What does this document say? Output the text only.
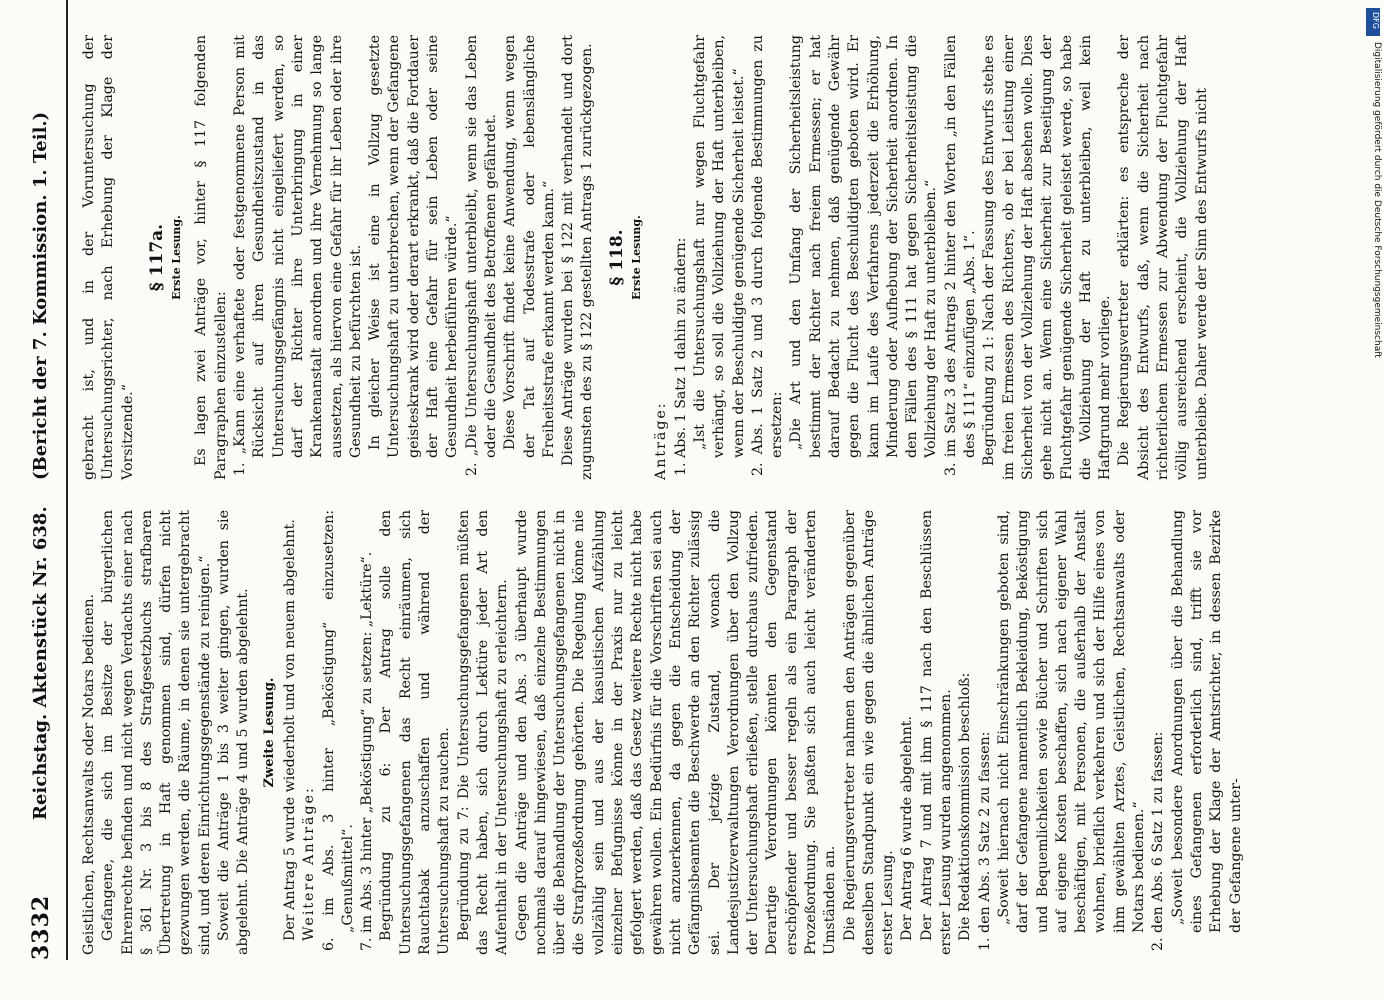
3332
Reichstag. Aktenstück Nr. 638.
(Bericht der 7. Kommission. 1. Teil.)

Geistlichen, Rechtsanwalts oder Notars bedienen. Gefangene, die sich im Besitze der bürgerlichen Ehrenrechte befinden und nicht wegen Verdachts einer nach § 361 Nr. 3 bis 8 des Strafgesetzbuchs strafbaren Übertretung in Haft genommen sind, dürfen nicht gezwungen werden, die Räume, in denen sie untergebracht sind, und deren Einrichtungsgegenstände zu reinigen.“ Soweit die Anträge 1 bis 3 weiter gingen, wurden sie abgelehnt. Die Anträge 4 und 5 wurden abgelehnt. Zweite Lesung. Der Antrag 5 wurde wiederholt und von neuem abgelehnt. Weitere Anträge: 6. im Abs. 3 hinter „Beköstigung“ einzusetzen: „Genußmittel“. 7. im Abs. 3 hinter „Beköstigung“ zu setzen: „Lektüre“. Begründung zu 6: Der Antrag solle den Untersuchungsgefangenen das Recht einräumen, sich Rauchtabak anzuschaffen und während der Untersuchungshaft zu rauchen. Begründung zu 7: Die Untersuchungsgefangenen müßten das Recht haben, sich durch Lektüre jeder Art den Aufenthalt in der Untersuchungshaft zu erleichtern. Gegen die Anträge und den Abs. 3 überhaupt wurde nochmals darauf hingewiesen, daß einzelne Bestimmungen über die Behandlung der Untersuchungsgefangenen nicht in die Strafprozeßordnung gehörten. Die Regelung könne nie vollzählig sein und aus der kasuistischen Aufzählung einzelner Befugnisse könne in der Praxis nur zu leicht gefolgert werden, daß das Gesetz weitere Rechte nicht habe gewähren wollen. Ein Bedürfnis für die Vorschriften sei auch nicht anzuerkennen, da gegen die Entscheidung der Gefängnisbeamten die Beschwerde an den Richter zulässig sei. Der jetzige Zustand, wonach die Landesjustizverwaltungen Verordnungen über den Vollzug der Untersuchungshaft erließen, stelle durchaus zufrieden. Derartige Verordnungen könnten den Gegenstand erschöpfender und besser regeln als ein Paragraph der Prozeßordnung. Sie paßten sich auch leicht veränderten Umständen an. Die Regierungsvertreter nahmen den Anträgen gegenüber denselben Standpunkt ein wie gegen die ähnlichen Anträge erster Lesung. Der Antrag 6 wurde abgelehnt. Der Antrag 7 und mit ihm § 117 nach den Beschlüssen erster Lesung wurden angenommen. Die Redaktionskommission beschloß: 1. den Abs. 3 Satz 2 zu fassen: „Soweit hiernach nicht Einschränkungen geboten sind, darf der Gefangene namentlich Bekleidung, Beköstigung und Bequemlichkeiten sowie Bücher und Schriften sich auf eigene Kosten beschaffen, sich nach eigener Wahl beschäftigen, mit Personen, die außerhalb der Anstalt wohnen, brieflich verkehren und sich der Hilfe eines von ihm gewählten Arztes, Geistlichen, Rechtsanwalts oder Notars bedienen.“ 2. den Abs. 6 Satz 1 zu fassen: „Soweit besondere Anordnungen über die Behandlung eines Gefangenen erforderlich sind, trifft sie vor Erhebung der Klage der Amtsrichter, in dessen Bezirke der Gefangene unter-

gebracht ist, und in der Voruntersuchung der Untersuchungsrichter, nach Erhebung der Klage der Vorsitzende.“

§ 117a. Erste Lesung. Es lagen zwei Anträge vor, hinter § 117 folgenden Paragraphen einzustellen: 1. „Kann eine verhaftete oder festgenommene Person mit Rücksicht auf ihren Gesundheitszustand in das Untersuchungsgefängnis nicht eingeliefert werden, so darf der Richter ihre Unterbringung in einer Krankenanstalt anordnen und ihre Vernehmung so lange aussetzen, als hiervon eine Gefahr für ihr Leben oder ihre Gesundheit zu befürchten ist. In gleicher Weise ist eine in Vollzug gesetzte Untersuchungshaft zu unterbrechen, wenn der Gefangene geisteskrank wird oder derart erkrankt, daß die Fortdauer der Haft eine Gefahr für sein Leben oder seine Gesundheit herbeiführen würde.“ 2. „Die Untersuchungshaft unterbleibt, wenn sie das Leben oder die Gesundheit des Betroffenen gefährdet. Diese Vorschrift findet keine Anwendung, wenn wegen der Tat auf Todesstrafe oder lebenslängliche Freiheitsstrafe erkannt werden kann.“ Diese Anträge wurden bei § 122 mit verhandelt und dort zugunsten des zu § 122 gestellten Antrags 1 zurückgezogen. § 118. Erste Lesung.

Anträge: 1. Abs. 1 Satz 1 dahin zu ändern: „Ist die Untersuchungshaft nur wegen Fluchtgefahr verhängt, so soll die Vollziehung der Haft unterbleiben, wenn der Beschuldigte genügende Sicherheit leistet.“ 2. Abs. 1 Satz 2 und 3 durch folgende Bestimmungen zu ersetzen: „Die Art und den Umfang der Sicherheitsleistung bestimmt der Richter nach freiem Ermessen; er hat darauf Bedacht zu nehmen, daß genügende Gewähr gegen die Flucht des Beschuldigten geboten wird. Er kann im Laufe des Verfahrens jederzeit die Erhöhung, Minderung oder Aufhebung der Sicherheit anordnen. In den Fällen des § 111 hat gegen Sicherheitsleistung die Vollziehung der Haft zu unterbleiben.“ 3. im Satz 3 des Antrags 2 hinter den Worten „in den Fällen des § 111“ einzufügen „Abs. 1“. Begründung zu 1: Nach der Fassung des Entwurfs stehe es im freien Ermessen des Richters, ob er bei Leistung einer Sicherheit von der Vollziehung der Haft absehen wolle. Dies gehe nicht an. Wenn eine Sicherheit zur Beseitigung der Fluchtgefahr genügende Sicherheit geleistet werde, so habe die Vollziehung der Haft zu unterbleiben, weil kein Haftgrund mehr vorliege. Die Regierungsvertreter erklärten: es entspreche der Absicht des Entwurfs, daß, wenn die Sicherheit nach richterlichem Ermessen zur Abwendung der Fluchtgefahr völlig ausreichend erscheint, die Vollziehung der Haft unterbleibe. Daher werde der Sinn des Entwurfs nicht

DFG
Digitalisierung gefördert durch die Deutsche Forschungsgemeinschaft
